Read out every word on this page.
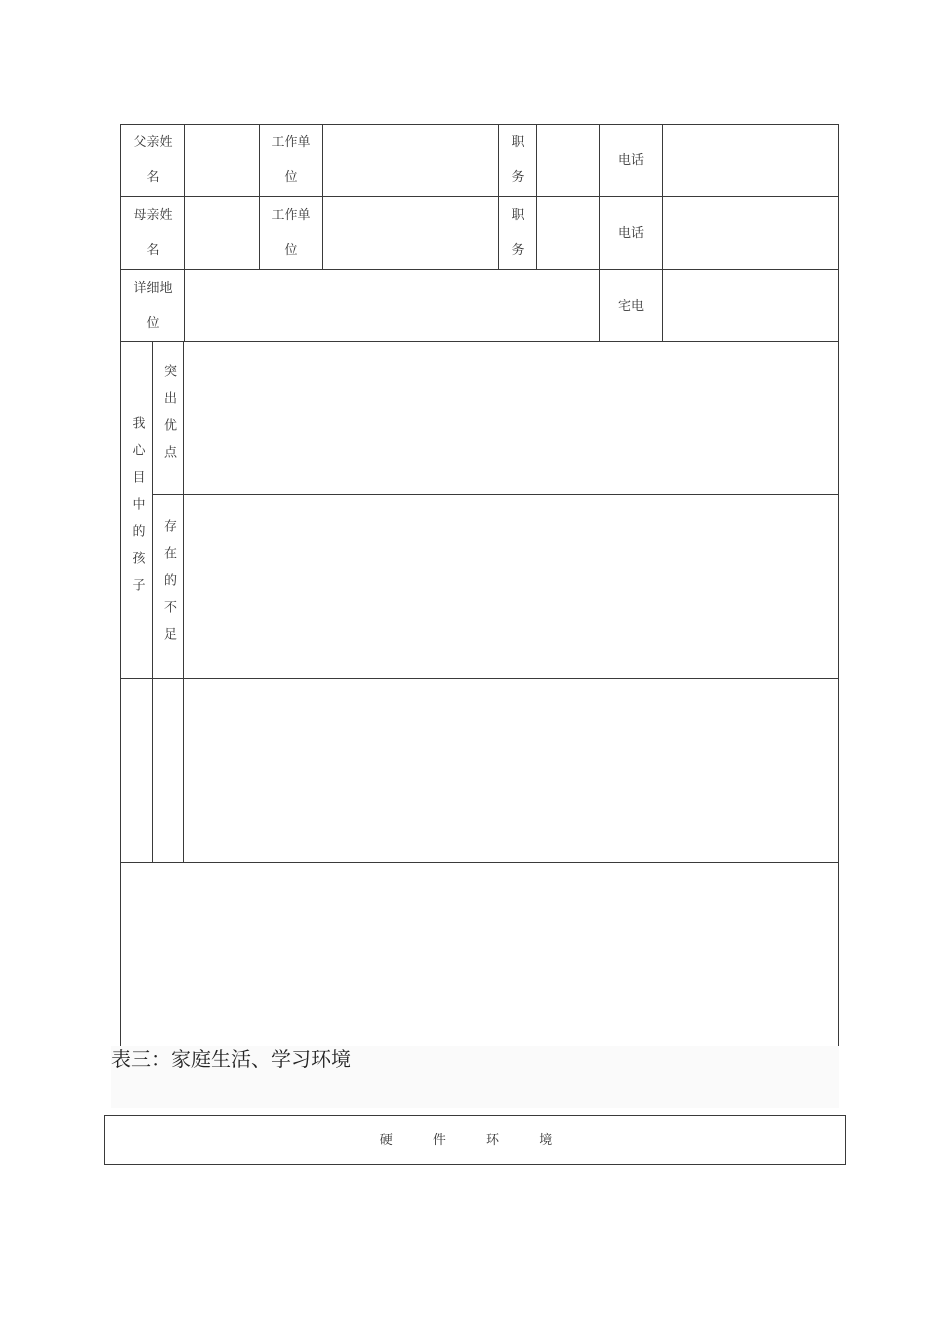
父亲姓名
工作单位
职务
电话
母亲姓名
工作单位
职务
电话
详细地位
宅电
我心目中的孩子 突出优点
存在的不足
表三：家庭生活、学习环境
硬 件 环 境
